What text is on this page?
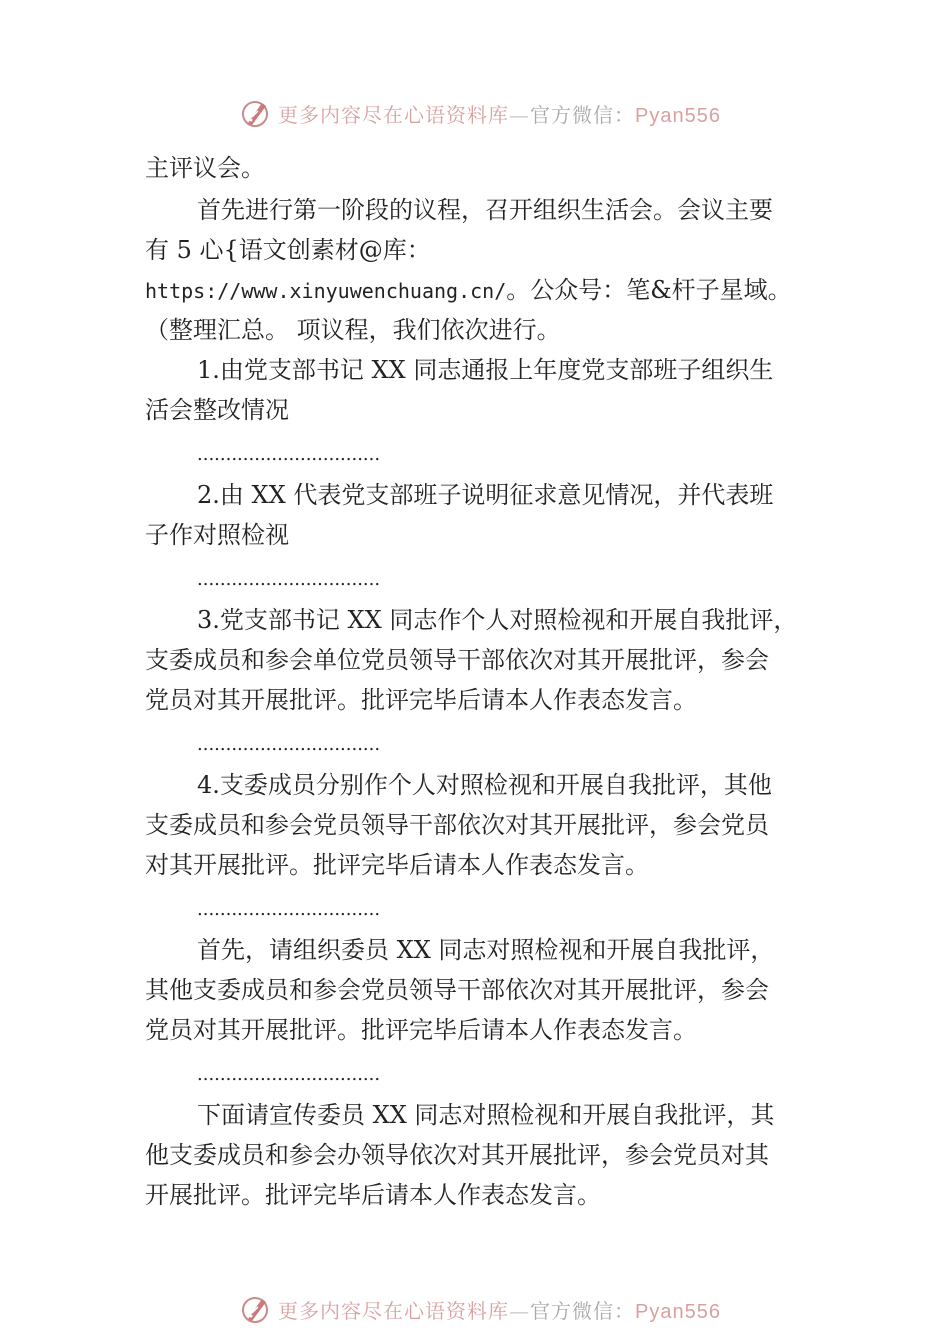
更多内容尽在心语资料库—官方微信：Pyan556
主评议会。
首先进行第一阶段的议程，召开组织生活会。会议主要
有 5 心{语文创素材@库：
https://www.xinyuwenchuang.cn/。公众号：笔&杆子星域。
（整理汇总。 项议程，我们依次进行。
1.由党支部书记 XX 同志通报上年度党支部班子组织生
活会整改情况
................................
2.由 XX 代表党支部班子说明征求意见情况，并代表班
子作对照检视
................................
3.党支部书记 XX 同志作个人对照检视和开展自我批评，
支委成员和参会单位党员领导干部依次对其开展批评，参会
党员对其开展批评。批评完毕后请本人作表态发言。
................................
4.支委成员分别作个人对照检视和开展自我批评，其他
支委成员和参会党员领导干部依次对其开展批评，参会党员
对其开展批评。批评完毕后请本人作表态发言。
................................
首先，请组织委员 XX 同志对照检视和开展自我批评，
其他支委成员和参会党员领导干部依次对其开展批评，参会
党员对其开展批评。批评完毕后请本人作表态发言。
................................
下面请宣传委员 XX 同志对照检视和开展自我批评，其
他支委成员和参会办领导依次对其开展批评，参会党员对其
开展批评。批评完毕后请本人作表态发言。
更多内容尽在心语资料库—官方微信：Pyan556
